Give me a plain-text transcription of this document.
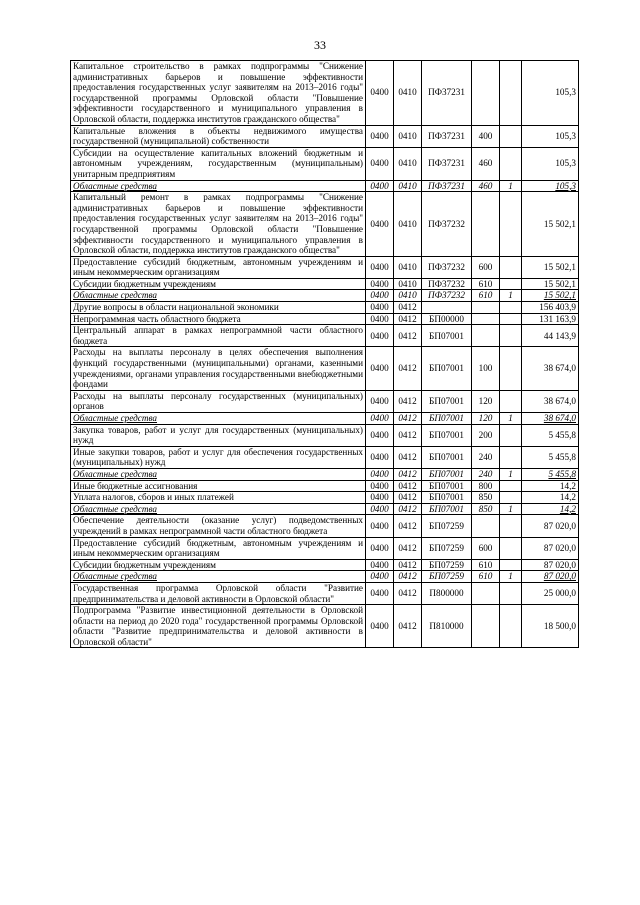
33
Капитальное строительство в рамках подпрограммы "Снижение административных барьеров и повышение эффективности предоставления государственных услуг заявителям на 2013–2016 годы" государственной программы Орловской области "Повышение эффективности государственного и муниципального управления в Орловской области, поддержка институтов гражданского общества"	0400	0410	ПФ37231			105,3
Капитальные вложения в объекты недвижимого имущества государственной (муниципальной) собственности	0400	0410	ПФ37231	400		105,3
Субсидии на осуществление капитальных вложений бюджетным и автономным учреждениям, государственным (муниципальным) унитарным предприятиям	0400	0410	ПФ37231	460		105,3
Областные средства	0400	0410	ПФ37231	460	1	105,3
Капитальный ремонт в рамках подпрограммы "Снижение административных барьеров и повышение эффективности предоставления государственных услуг заявителям на 2013–2016 годы" государственной программы Орловской области "Повышение эффективности государственного и муниципального управления в Орловской области, поддержка институтов гражданского общества"	0400	0410	ПФ37232			15 502,1
Предоставление субсидий бюджетным, автономным учреждениям и иным некоммерческим организациям	0400	0410	ПФ37232	600		15 502,1
Субсидии бюджетным учреждениям	0400	0410	ПФ37232	610		15 502,1
Областные средства	0400	0410	ПФ37232	610	1	15 502,1
Другие вопросы в области национальной экономики	0400	0412				156 403,9
Непрограммная часть областного бюджета	0400	0412	БП00000			131 163,9
Центральный аппарат в рамках непрограммной части областного бюджета	0400	0412	БП07001			44 143,9
Расходы на выплаты персоналу в целях обеспечения выполнения функций государственными (муниципальными) органами, казенными учреждениями, органами управления государственными внебюджетными фондами	0400	0412	БП07001	100		38 674,0
Расходы на выплаты персоналу государственных (муниципальных) органов	0400	0412	БП07001	120		38 674,0
Областные средства	0400	0412	БП07001	120	1	38 674,0
Закупка товаров, работ и услуг для государственных (муниципальных) нужд	0400	0412	БП07001	200		5 455,8
Иные закупки товаров, работ и услуг для обеспечения государственных (муниципальных) нужд	0400	0412	БП07001	240		5 455,8
Областные средства	0400	0412	БП07001	240	1	5 455,8
Иные бюджетные ассигнования	0400	0412	БП07001	800		14,2
Уплата налогов, сборов и иных платежей	0400	0412	БП07001	850		14,2
Областные средства	0400	0412	БП07001	850	1	14,2
Обеспечение деятельности (оказание услуг) подведомственных учреждений в рамках непрограммной части областного бюджета	0400	0412	БП07259			87 020,0
Предоставление субсидий бюджетным, автономным учреждениям и иным некоммерческим организациям	0400	0412	БП07259	600		87 020,0
Субсидии бюджетным учреждениям	0400	0412	БП07259	610		87 020,0
Областные средства	0400	0412	БП07259	610	1	87 020,0
Государственная программа Орловской области "Развитие предпринимательства и деловой активности в Орловской области"	0400	0412	П800000			25 000,0
Подпрограмма "Развитие инвестиционной деятельности в Орловской области на период до 2020 года" государственной программы Орловской области "Развитие предпринимательства и деловой активности в Орловской области"	0400	0412	П810000			18 500,0
